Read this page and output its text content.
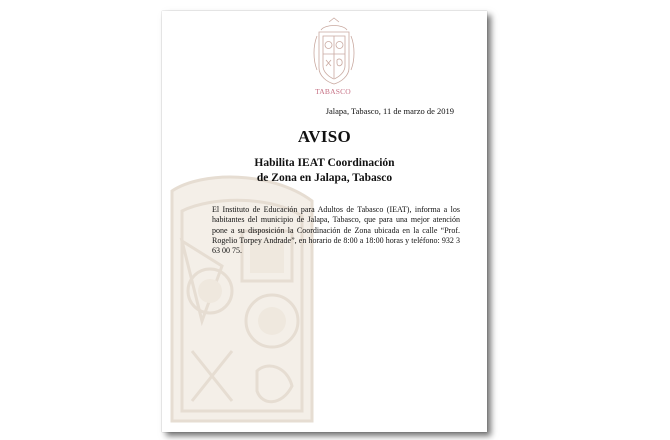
TABASCO
Jalapa, Tabasco, 11 de marzo de 2019
AVISO
Habilita IEAT Coordinación
de Zona en Jalapa, Tabasco
El Instituto de Educación para Adultos de Tabasco (IEAT), informa a los habitantes del municipio de Jalapa, Tabasco, que para una mejor atención pone a su disposición la Coordinación de Zona ubicada en la calle “Prof. Rogelio Torpey Andrade”, en horario de 8:00 a 18:00 horas y teléfono: 932 3 63 00 75.
